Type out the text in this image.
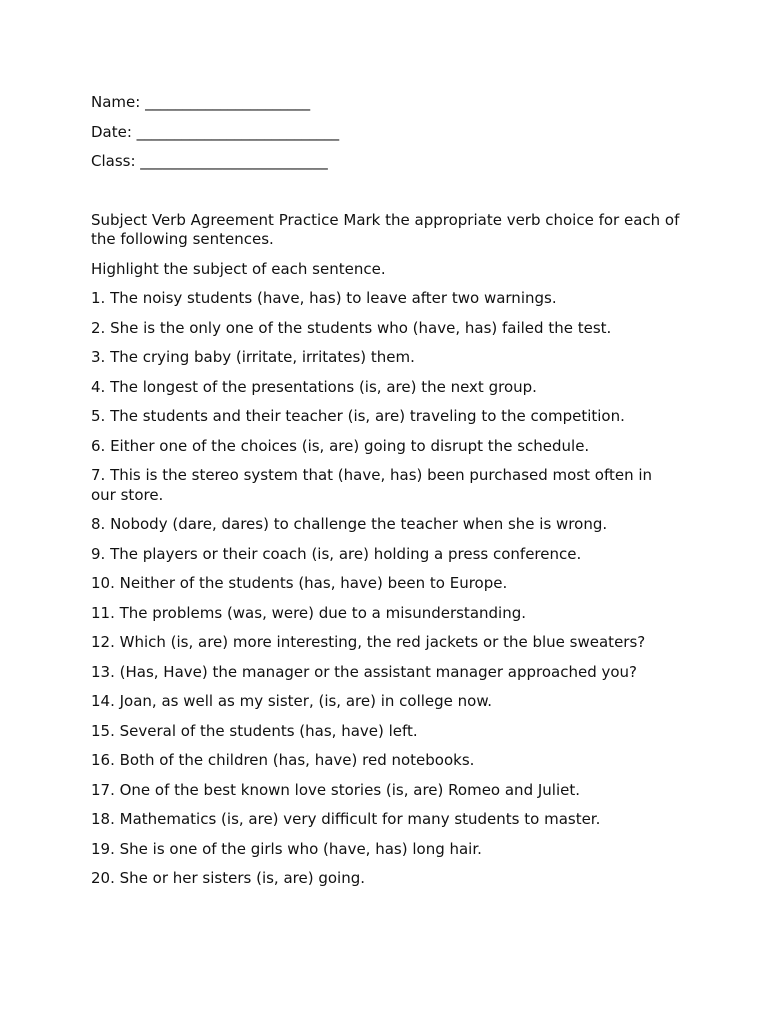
Name: ______________________
Date: ___________________________
Class: _________________________
Subject Verb Agreement Practice Mark the appropriate verb choice for each of the following sentences.
Highlight the subject of each sentence.
1. The noisy students (have, has) to leave after two warnings.
2. She is the only one of the students who (have, has) failed the test.
3. The crying baby (irritate, irritates) them.
4. The longest of the presentations (is, are) the next group.
5. The students and their teacher (is, are) traveling to the competition.
6. Either one of the choices (is, are) going to disrupt the schedule.
7. This is the stereo system that (have, has) been purchased most often in our store.
8. Nobody (dare, dares) to challenge the teacher when she is wrong.
9. The players or their coach (is, are) holding a press conference.
10. Neither of the students (has, have) been to Europe.
11. The problems (was, were) due to a misunderstanding.
12. Which (is, are) more interesting, the red jackets or the blue sweaters?
13. (Has, Have) the manager or the assistant manager approached you?
14. Joan, as well as my sister, (is, are) in college now.
15. Several of the students (has, have) left.
16. Both of the children (has, have) red notebooks.
17. One of the best known love stories (is, are) Romeo and Juliet.
18. Mathematics (is, are) very difficult for many students to master.
19. She is one of the girls who (have, has) long hair.
20. She or her sisters (is, are) going.
